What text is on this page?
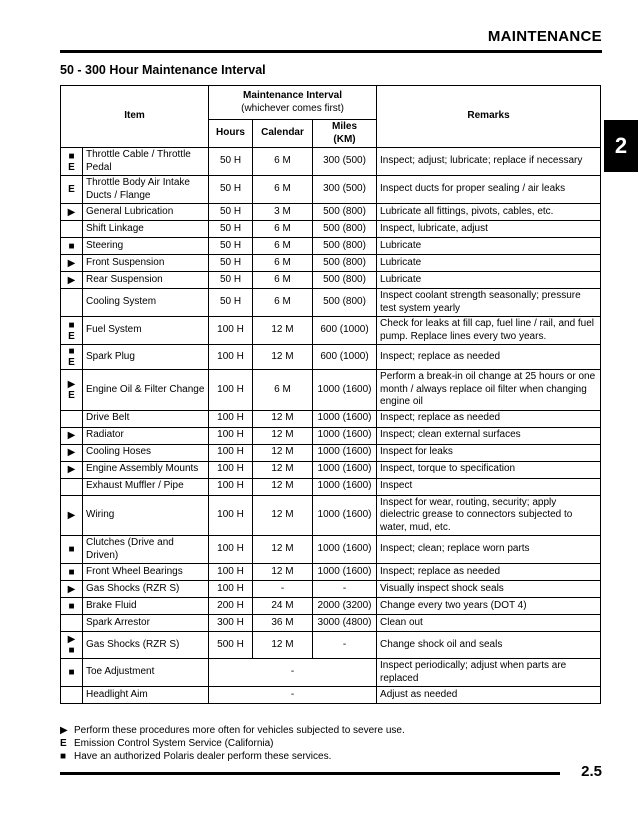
MAINTENANCE
50 - 300 Hour Maintenance Interval
2
Item		Maintenance Interval
(whichever comes first)			Remarks
		Hours	Calendar	Miles
(KM)	

■
E	Throttle Cable / Throttle Pedal	50 H	6 M	300 (500)	Inspect; adjust; lubricate; replace if necessary

E	Throttle Body Air Intake Ducts / Flange	50 H	6 M	300 (500)	Inspect ducts for proper sealing / air leaks

▶	General Lubrication	50 H	3 M	500 (800)	Lubricate all fittings, pivots, cables, etc.
	Shift Linkage	50 H	6 M	500 (800)	Inspect, lubricate, adjust

■	Steering	50 H	6 M	500 (800)	Lubricate

▶	Front Suspension	50 H	6 M	500 (800)	Lubricate

▶	Rear Suspension	50 H	6 M	500 (800)	Lubricate
	Cooling System	50 H	6 M	500 (800)	Inspect coolant strength seasonally; pressure test system yearly

■
E	Fuel System	100 H	12 M	600 (1000)	Check for leaks at fill cap, fuel line / rail, and fuel pump. Replace lines every two years.

■
E	Spark Plug	100 H	12 M	600 (1000)	Inspect; replace as needed

▶
E	Engine Oil & Filter Change	100 H	6 M	1000 (1600)	Perform a break-in oil change at 25 hours or one month / always replace oil filter when changing engine oil
	Drive Belt	100 H	12 M	1000 (1600)	Inspect; replace as needed

▶	Radiator	100 H	12 M	1000 (1600)	Inspect; clean external surfaces

▶	Cooling Hoses	100 H	12 M	1000 (1600)	Inspect for leaks

▶	Engine Assembly Mounts	100 H	12 M	1000 (1600)	Inspect, torque to specification
	Exhaust Muffler / Pipe	100 H	12 M	1000 (1600)	Inspect

▶	Wiring	100 H	12 M	1000 (1600)	Inspect for wear, routing, security; apply dielectric grease to connectors subjected to water, mud, etc.

■	Clutches (Drive and Driven)	100 H	12 M	1000 (1600)	Inspect; clean; replace worn parts

■	Front Wheel Bearings	100 H	12 M	1000 (1600)	Inspect; replace as needed

▶	Gas Shocks (RZR S)	100 H	-	-	Visually inspect shock seals

■	Brake Fluid	200 H	24 M	2000 (3200)	Change every two years (DOT 4)
	Spark Arrestor	300 H	36 M	3000 (4800)	Clean out

▶
■	Gas Shocks (RZR S)	500 H	12 M	-	Change shock oil and seals

■	Toe Adjustment	-			Inspect periodically; adjust when parts are replaced
	Headlight Aim	-			Adjust as needed
▶ Perform these procedures more often for vehicles subjected to severe use.
E Emission Control System Service (California)
■ Have an authorized Polaris dealer perform these services.
2.5
